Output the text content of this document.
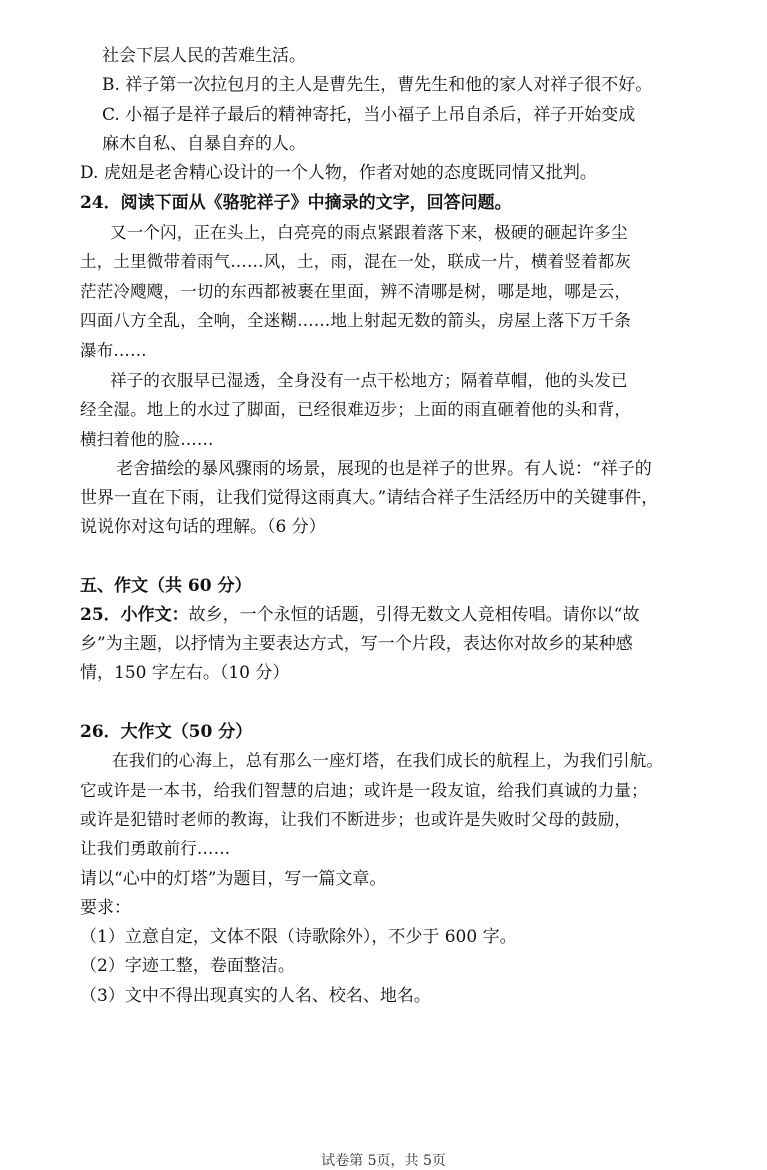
社会下层人民的苦难生活。
B. 祥子第一次拉包月的主人是曹先生，曹先生和他的家人对祥子很不好。
C. 小福子是祥子最后的精神寄托，当小福子上吊自杀后，祥子开始变成
麻木自私、自暴自弃的人。
D. 虎妞是老舍精心设计的一个人物，作者对她的态度既同情又批判。
24．阅读下面从《骆驼祥子》中摘录的文字，回答问题。
又一个闪，正在头上，白亮亮的雨点紧跟着落下来，极硬的砸起许多尘
土，土里微带着雨气……风，土，雨，混在一处，联成一片，横着竖着都灰
茫茫冷飕飕，一切的东西都被裹在里面，辨不清哪是树，哪是地，哪是云，
四面八方全乱，全响，全迷糊……地上射起无数的箭头，房屋上落下万千条
瀑布……
祥子的衣服早已湿透，全身没有一点干松地方；隔着草帽，他的头发已
经全湿。地上的水过了脚面，已经很难迈步；上面的雨直砸着他的头和背，
横扫着他的脸……
老舍描绘的暴风骤雨的场景，展现的也是祥子的世界。有人说：“祥子的
世界一直在下雨，让我们觉得这雨真大。”请结合祥子生活经历中的关键事件，
说说你对这句话的理解。（6 分）
五、作文（共 60 分）
25．小作文：故乡，一个永恒的话题，引得无数文人竞相传唱。请你以“故
乡”为主题，以抒情为主要表达方式，写一个片段，表达你对故乡的某种感
情，150 字左右。（10 分）
26．大作文（50 分）
在我们的心海上，总有那么一座灯塔，在我们成长的航程上，为我们引航。
它或许是一本书，给我们智慧的启迪；或许是一段友谊，给我们真诚的力量；
或许是犯错时老师的教诲，让我们不断进步；也或许是失败时父母的鼓励，
让我们勇敢前行……
请以“心中的灯塔”为题目，写一篇文章。
要求：
（1）立意自定，文体不限（诗歌除外），不少于 600 字。
（2）字迹工整，卷面整洁。
（3）文中不得出现真实的人名、校名、地名。
试卷第 5页，共 5页
